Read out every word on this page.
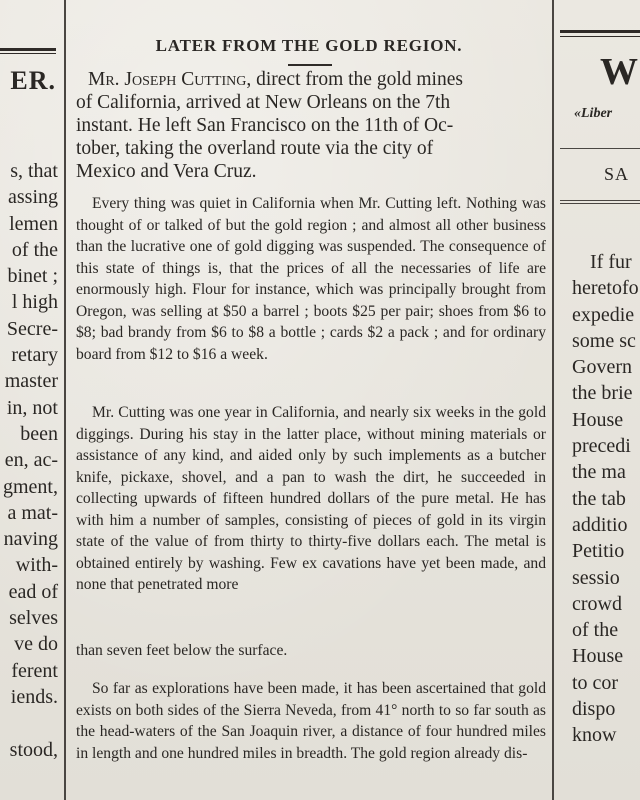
ER.
s, that
assing
lemen
of the
binet ;
l high
Secre-
retary
master
in, not
been
en, ac-
gment,
a mat-
naving
with-
ead of
selves
ve do
ferent
iends.

stood,
LATER FROM THE GOLD REGION.
Mr. Joseph Cutting, direct from the gold mines
of California, arrived at New Orleans on the 7th
instant. He left San Francisco on the 11th of Oc-
tober, taking the overland route via the city of
Mexico and Vera Cruz.
Every thing was quiet in California when Mr. Cutting left. Nothing was thought of or talked of but the gold region ; and almost all other business than the lucrative one of gold digging was suspended. The consequence of this state of things is, that the prices of all the necessaries of life are enormously high. Flour for instance, which was principally brought from Oregon, was selling at $50 a barrel ; boots $25 per pair; shoes from $6 to $8; bad brandy from $6 to $8 a bottle ; cards $2 a pack ; and for ordinary board from $12 to $16 a week.
Mr. Cutting was one year in California, and nearly six weeks in the gold diggings. During his stay in the latter place, without mining materials or assistance of any kind, and aided only by such implements as a butcher knife, pickaxe, shovel, and a pan to wash the dirt, he succeeded in collecting upwards of fifteen hundred dollars of the pure metal. He has with him a number of samples, consisting of pieces of gold in its virgin state of the value of from thirty to thirty-five dollars each. The metal is obtained entirely by washing. Few ex cavations have yet been made, and none that penetrated more
than seven feet below the surface.
So far as explorations have been made, it has been ascertained that gold exists on both sides of the Sierra Neveda, from 41° north to so far south as the head-waters of the San Joaquin river, a distance of four hundred miles in length and one hundred miles in breadth. The gold region already dis-
W
«Liber
SA
If fur
heretofo
expedie
some sc
Govern
the brie
House
precedi
the ma
the tab
additio
Petitio
sessio
crowd
of the
House
to cor
dispo
know
